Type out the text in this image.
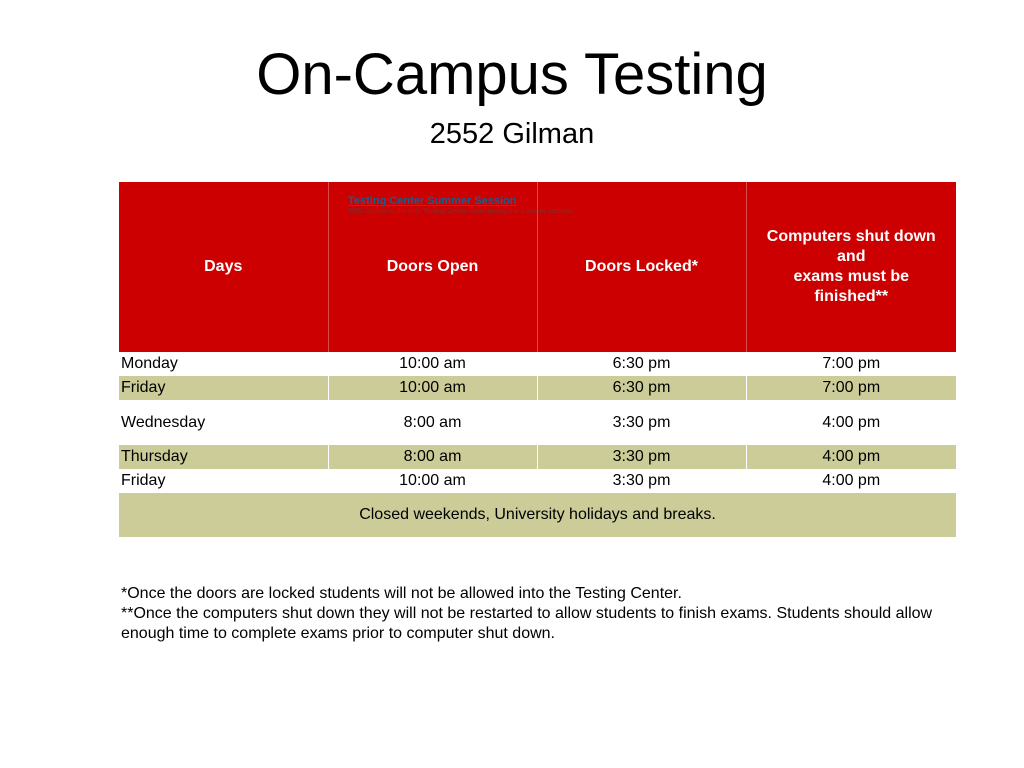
On-Campus Testing
2552 Gilman
Days	Doors Open	Doors Locked*	Computers shut down
and
exams must be
finished**
Monday	10:00 am	6:30 pm	7:00 pm
Friday	10:00 am	6:30 pm	7:00 pm
Wednesday	8:00 am	3:30 pm	4:00 pm
Thursday	8:00 am	3:30 pm	4:00 pm
Friday	10:00 am	3:30 pm	4:00 pm
Closed weekends, University holidays and breaks.			
Testing Center Summer Session
2552 Gilman is the only Testing Center open during the summer session

*Once the doors are locked students will not be allowed into the Testing Center.

**Once the computers shut down they will not be restarted to allow students to finish exams. Students should allow enough time to complete exams prior to computer shut down.
